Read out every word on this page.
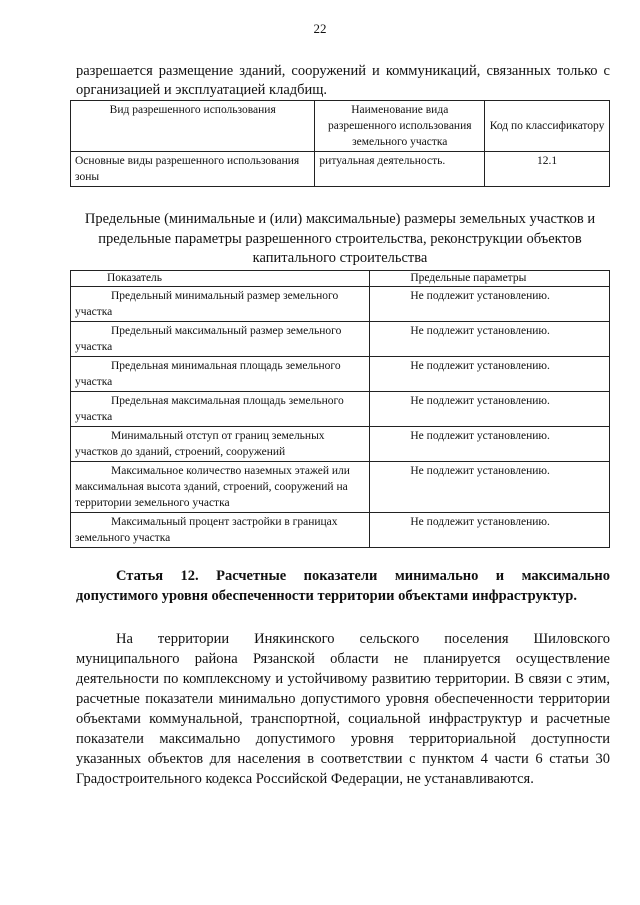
22
разрешается размещение зданий, сооружений и коммуникаций, связанных только с организацией и эксплуатацией кладбищ.
Вид разрешенного использования	Наименование вида разрешенного использования земельного участка	Код по классификатору
Основные виды разрешенного использования зоны	ритуальная деятельность.	12.1
Предельные (минимальные и (или) максимальные) размеры земельных участков и предельные параметры разрешенного строительства, реконструкции объектов капитального строительства
Показатель	Предельные параметры
Предельный минимальный размер земельного участка	Не подлежит установлению.
Предельный максимальный размер земельного участка	Не подлежит установлению.
Предельная минимальная площадь земельного участка	Не подлежит установлению.
Предельная максимальная площадь земельного участка	Не подлежит установлению.
Минимальный отступ от границ земельных участков до зданий, строений, сооружений	Не подлежит установлению.
Максимальное количество наземных этажей или максимальная высота зданий, строений, сооружений на территории земельного участка	Не подлежит установлению.
Максимальный процент застройки в границах земельного участка	Не подлежит установлению.
Статья 12. Расчетные показатели минимально и максимально допустимого уровня обеспеченности территории объектами инфраструктур.
На территории Инякинского сельского поселения Шиловского муниципального района Рязанской области не планируется осуществление деятельности по комплексному и устойчивому развитию территории. В связи с этим, расчетные показатели минимально допустимого уровня обеспеченности территории объектами коммунальной, транспортной, социальной инфраструктур и расчетные показатели максимально допустимого уровня территориальной доступности указанных объектов для населения в соответствии с пунктом 4 части 6 статьи 30 Градостроительного кодекса Российской Федерации, не устанавливаются.
